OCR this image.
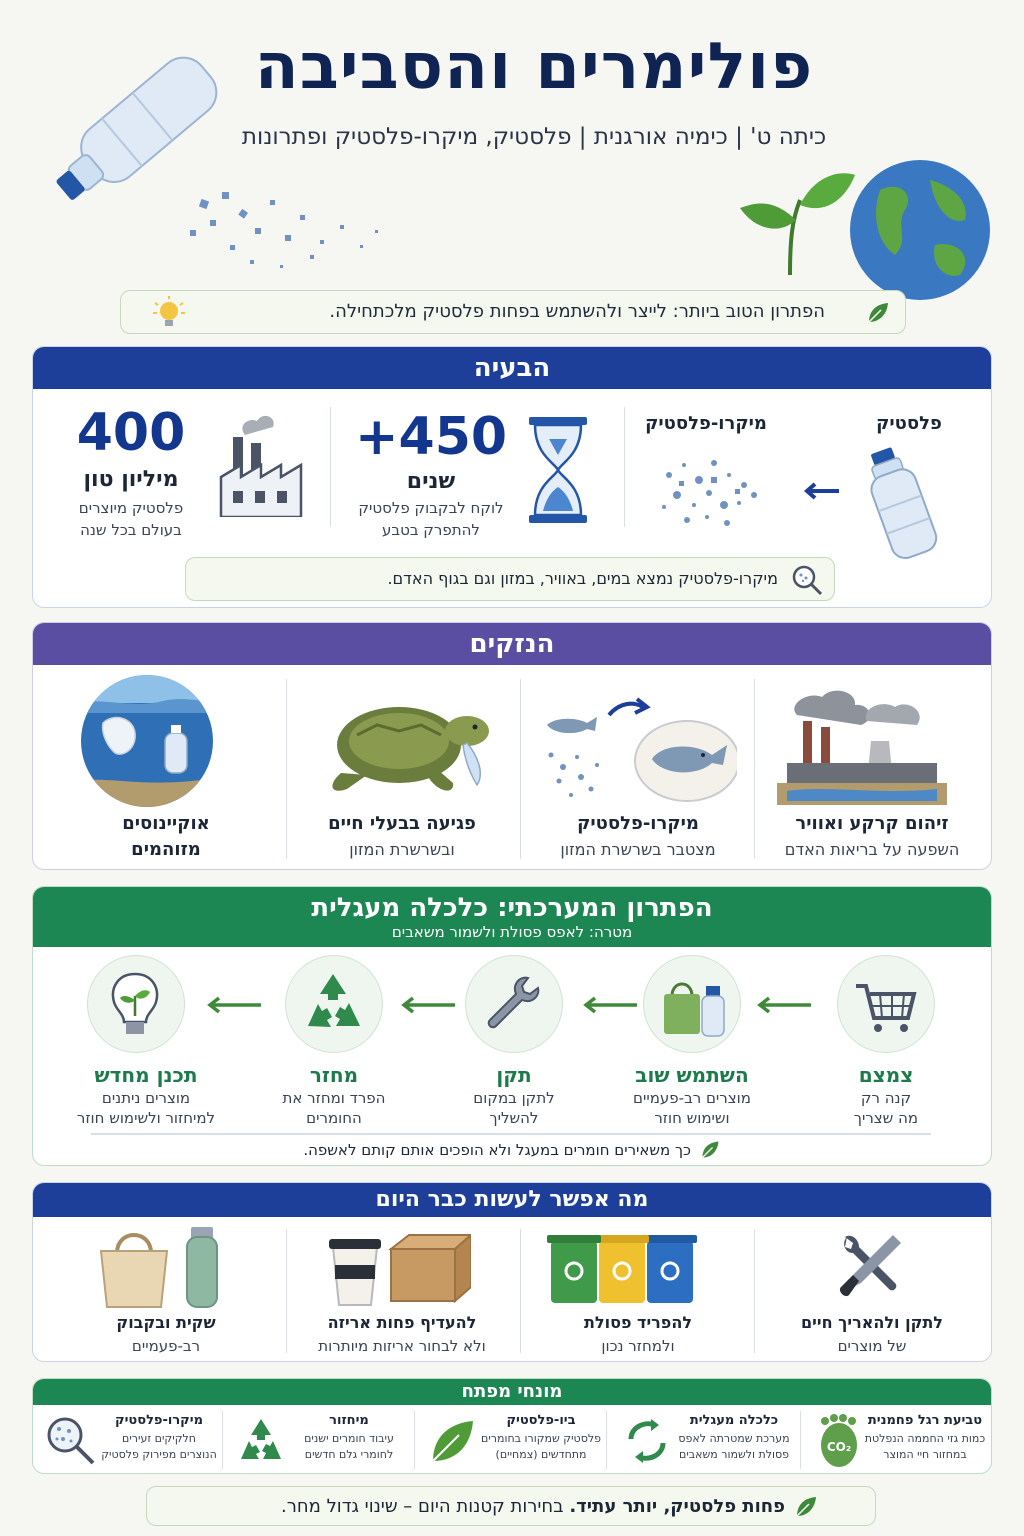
פולימרים והסביבה
כיתה ט' | כימיה אורגנית | פלסטיק, מיקרו-פלסטיק ופתרונות
הפתרון הטוב ביותר: לייצר ולהשתמש בפחות פלסטיק מלכתחילה.
הבעיה
פלסטיק
מיקרו-פלסטיק
450+
שנים
לוקח לבקבוק פלסטיק
להתפרק בטבע
400
מיליון טון
פלסטיק מיוצרים
בעולם בכל שנה
מיקרו-פלסטיק נמצא במים, באוויר, במזון וגם בגוף האדם.
הנזקים
זיהום קרקע ואוויר
השפעה על בריאות האדם
מיקרו-פלסטיק
מצטבר בשרשרת המזון
פגיעה בבעלי חיים
ובשרשרת המזון
אוקיינוסים
מזוהמים
הפתרון המערכתי: כלכלה מעגלית
מטרה: לאפס פסולת ולשמור משאבים
צמצם
קנה רק
מה שצריך
השתמש שוב
מוצרים רב-פעמיים
ושימוש חוזר
תקן
לתקן במקום
להשליך
מחזר
הפרד ומחזר את
החומרים
תכנן מחדש
מוצרים ניתנים
למיחזור ולשימוש חוזר
כך משאירים חומרים במעגל ולא הופכים אותם קותם לאשפה.
מה אפשר לעשות כבר היום
לתקן ולהאריך חיים
של מוצרים
להפריד פסולת
ולמחזר נכון
להעדיף פחות אריזה
ולא לבחור אריזות מיותרות
שקית ובקבוק
רב-פעמיים
מונחי מפתח
CO₂
טביעת רגל פחמנית
כמות גזי החממה הנפלטת
במחזור חיי המוצר
כלכלה מעגלית
מערכת שמטרתה לאפס
פסולת ולשמור משאבים
ביו-פלסטיק
פלסטיק שמקורו בחומרים
מתחדשים (צמחיים)
מיחזור
עיבוד חומרים ישנים
לחומרי גלם חדשים
מיקרו-פלסטיק
חלקיקים זעירים
הנוצרים מפירוק פלסטיק
פחות פלסטיק, יותר עתיד. בחירות קטנות היום – שינוי גדול מחר.
